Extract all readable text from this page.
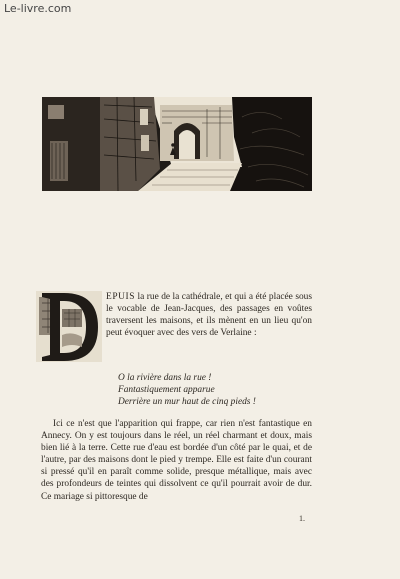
Le-livre.com
EPUIS la rue de la cathédrale, et qui a été placée sous le vocable de Jean-Jacques, des passages en voûtes traversent les maisons, et ils mènent en un lieu qu'on peut évoquer avec des vers de Verlaine :
O la rivière dans la rue !
Fantastiquement apparue
Derrière un mur haut de cinq pieds !
Ici ce n'est que l'apparition qui frappe, car rien n'est fantastique en Annecy. On y est toujours dans le réel, un réel charmant et doux, mais bien lié à la terre. Cette rue d'eau est bordée d'un côté par le quai, et de l'autre, par des maisons dont le pied y trempe. Elle est faite d'un courant si pressé qu'il en paraît comme solide, presque métallique, mais avec des profondeurs de teintes qui dissolvent ce qu'il pourrait avoir de dur. Ce mariage si pittoresque de
1.
